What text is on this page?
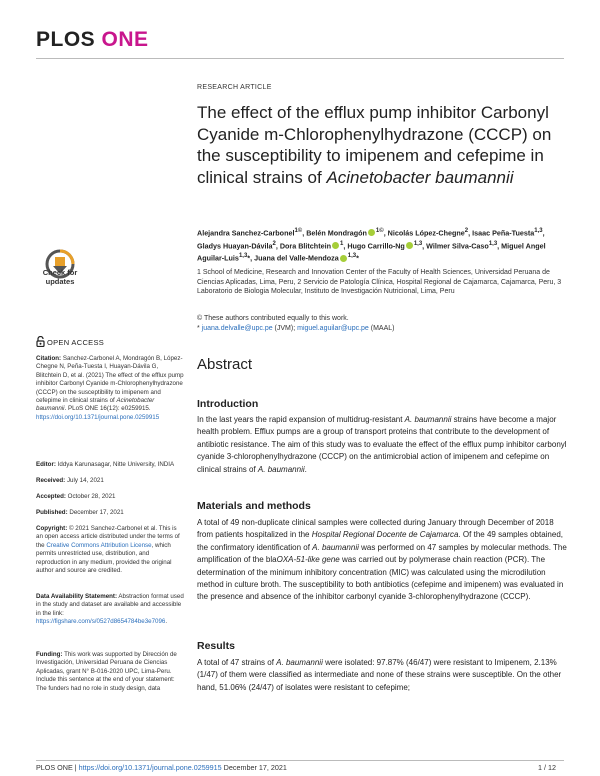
PLOS ONE
RESEARCH ARTICLE
The effect of the efflux pump inhibitor Carbonyl Cyanide m-Chlorophenylhydrazone (CCCP) on the susceptibility to imipenem and cefepime in clinical strains of Acinetobacter baumannii
Alejandra Sanchez-Carbonel$^{1©}$, Belén Mondragón $^{1©}$, Nicolás López-Chegne$^2$, Isaac Peña-Tuesta$^{1,3}$, Gladys Huayan-Dávila$^2$, Dora Blitchtein $^1$, Hugo Carrillo-Ng $^{1,3}$, Wilmer Silva-Caso$^{1,3}$, Miguel Angel Aguilar-Luis$^{1,3}$*, Juana del Valle-Mendoza $^{1,3}$*
1 School of Medicine, Research and Innovation Center of the Faculty of Health Sciences, Universidad Peruana de Ciencias Aplicadas, Lima, Peru, 2 Servicio de Patología Clínica, Hospital Regional de Cajamarca, Cajamarca, Peru, 3 Laboratorio de Biologia Molecular, Instituto de Investigación Nutricional, Lima, Peru
© These authors contributed equally to this work.
* juana.delvalle@upc.pe (JVM); miguel.aguilar@upc.pe (MAAL)
Check for
updates
OPEN ACCESS
Citation: Sanchez-Carbonel A, Mondragón B, López-Chegne N, Peña-Tuesta I, Huayan-Dávila G, Blitchtein D, et al. (2021) The effect of the efflux pump inhibitor Carbonyl Cyanide m-Chlorophenylhydrazone (CCCP) on the susceptibility to imipenem and cefepime in clinical strains of Acinetobacter baumannii. PLoS ONE 16(12): e0259915. https://doi.org/10.1371/journal.pone.0259915
Editor: Iddya Karunasagar, Nitte University, INDIA
Received: July 14, 2021
Accepted: October 28, 2021
Published: December 17, 2021
Copyright: © 2021 Sanchez-Carbonel et al. This is an open access article distributed under the terms of the Creative Commons Attribution License, which permits unrestricted use, distribution, and reproduction in any medium, provided the original author and source are credited.
Data Availability Statement: Abstraction format used in the study and dataset are available and accessible in the link: https://figshare.com/s/0527d8654784be3e7096.
Funding: This work was supported by Dirección de Investigación, Universidad Peruana de Ciencias Aplicadas, grant N° B-016-2020 UPC, Lima-Peru. Include this sentence at the end of your statement: The funders had no role in study design, data
Abstract
Introduction
In the last years the rapid expansion of multidrug-resistant A. baumannii strains have become a major health problem. Efflux pumps are a group of transport proteins that contribute to the development of antibiotic resistance. The aim of this study was to evaluate the effect of the efflux pump inhibitor carbonyl cyanide 3-chlorophenylhydrazone (CCCP) on the antimicrobial action of imipenem and cefepime on clinical strains of A. baumannii.
Materials and methods
A total of 49 non-duplicate clinical samples were collected during January through December of 2018 from patients hospitalized in the Hospital Regional Docente de Cajamarca. Of the 49 samples obtained, the confirmatory identification of A. baumannii was performed on 47 samples by molecular methods. The amplification of the blaOXA-51-like gene was carried out by polymerase chain reaction (PCR). The determination of the minimum inhibitory concentration (MIC) was calculated using the microdilution method in culture broth. The susceptibility to both antibiotics (cefepime and imipenem) was evaluated in the presence and absence of the inhibitor carbonyl cyanide 3-chlorophenylhydrazone (CCCP).
Results
A total of 47 strains of A. baumannii were isolated: 97.87% (46/47) were resistant to Imipenem, 2.13% (1/47) of them were classified as intermediate and none of these strains were susceptible. On the other hand, 51.06% (24/47) of isolates were resistant to cefepime;
PLOS ONE | https://doi.org/10.1371/journal.pone.0259915 December 17, 2021	1 / 12
